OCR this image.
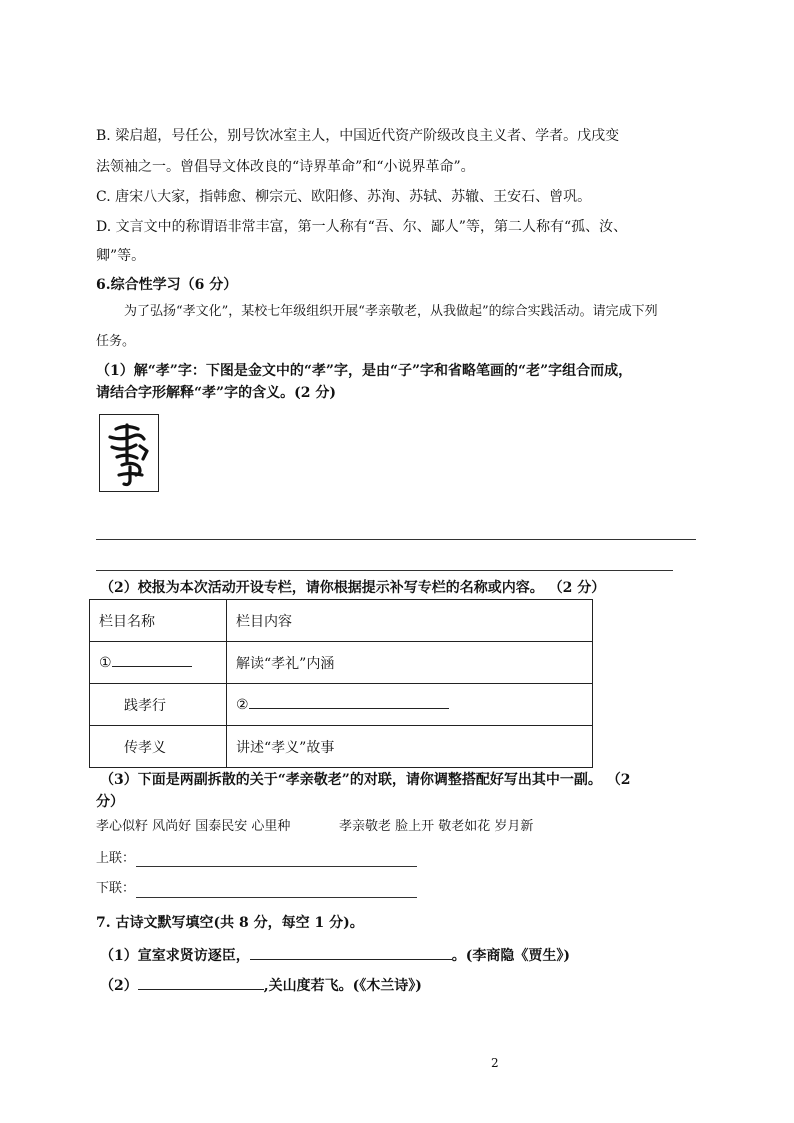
B. 梁启超，号任公，别号饮冰室主人，中国近代资产阶级改良主义者、学者。戊戌变
法领袖之一。曾倡导文体改良的“诗界革命”和“小说界革命”。
C. 唐宋八大家，指韩愈、柳宗元、欧阳修、苏洵、苏轼、苏辙、王安石、曾巩。
D. 文言文中的称谓语非常丰富，第一人称有“吾、尔、鄙人”等，第二人称有“孤、汝、
卿”等。
6.综合性学习（6 分）
为了弘扬“孝文化”，某校七年级组织开展“孝亲敬老，从我做起”的综合实践活动。请完成下列
任务。
（1）解“孝”字：下图是金文中的“孝”字，是由“子”字和省略笔画的“老”字组合而成，
请结合字形解释“孝”字的含义。(2 分)
（2）校报为本次活动开设专栏，请你根据提示补写专栏的名称或内容。 （2 分）
栏目名称	栏目内容
①	解读“孝礼”内涵
践孝行	②
传孝义	讲述“孝义”故事
（3）下面是两副拆散的关于“孝亲敬老”的对联，请你调整搭配好写出其中一副。 （2
分）
孝心似籽 风尚好 国泰民安 心里种	孝亲敬老 脸上开 敬老如花 岁月新
上联：
下联：
7. 古诗文默写填空(共 8 分，每空 1 分)。
（1）宣室求贤访逐臣，	。(李商隐《贾生》)
（2）	,关山度若飞。(《木兰诗》)
2
